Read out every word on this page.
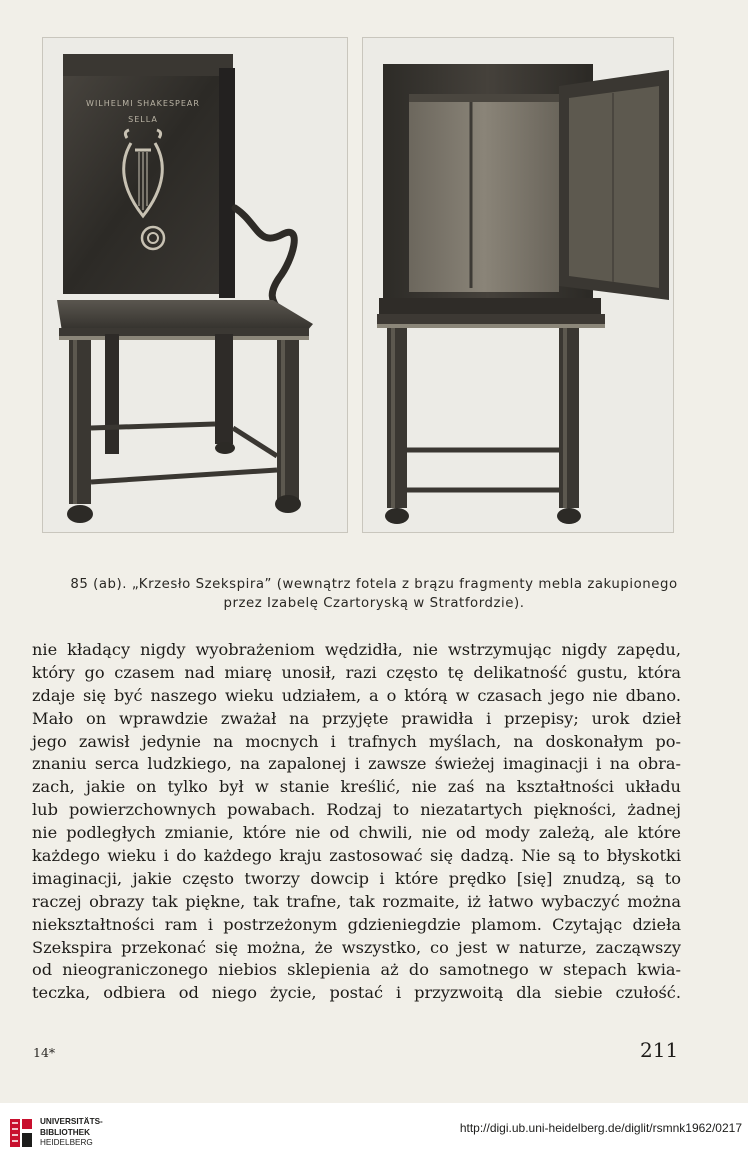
WILHELMI SHAKESPEAR
SELLA
85 (ab). „Krzesło Szekspira” (wewnątrz fotela z brązu fragmenty mebla zakupionego
przez Izabelę Czartoryską w Stratfordzie).
nie kładący nigdy wyobrażeniom wędzidła, nie wstrzymując nigdy zapędu,
który go czasem nad miarę unosił, razi często tę delikatność gustu, która
zdaje się być naszego wieku udziałem, a o którą w czasach jego nie dbano.
Mało on wprawdzie zważał na przyjęte prawidła i przepisy; urok dzieł
jego zawisł jedynie na mocnych i trafnych myślach, na doskonałym po-
znaniu serca ludzkiego, na zapalonej i zawsze świeżej imaginacji i na obra-
zach, jakie on tylko był w stanie kreślić, nie zaś na kształtności układu
lub powierzchownych powabach. Rodzaj to niezatartych piękności, żadnej
nie podległych zmianie, które nie od chwili, nie od mody zależą, ale które
każdego wieku i do każdego kraju zastosować się dadzą. Nie są to błyskotki
imaginacji, jakie często tworzy dowcip i które prędko [się] znudzą, są to
raczej obrazy tak piękne, tak trafne, tak rozmaite, iż łatwo wybaczyć można
niekształtności ram i postrzeżonym gdzieniegdzie plamom. Czytając dzieła
Szekspira przekonać się można, że wszystko, co jest w naturze, zacząwszy
od nieograniczonego niebios sklepienia aż do samotnego w stepach kwia-
teczka, odbiera od niego życie, postać i przyzwoitą dla siebie czułość.
14*	211
UNIVERSITÄTS-
BIBLIOTHEK
HEIDELBERG
http://digi.ub.uni-heidelberg.de/diglit/rsmnk1962/0217
